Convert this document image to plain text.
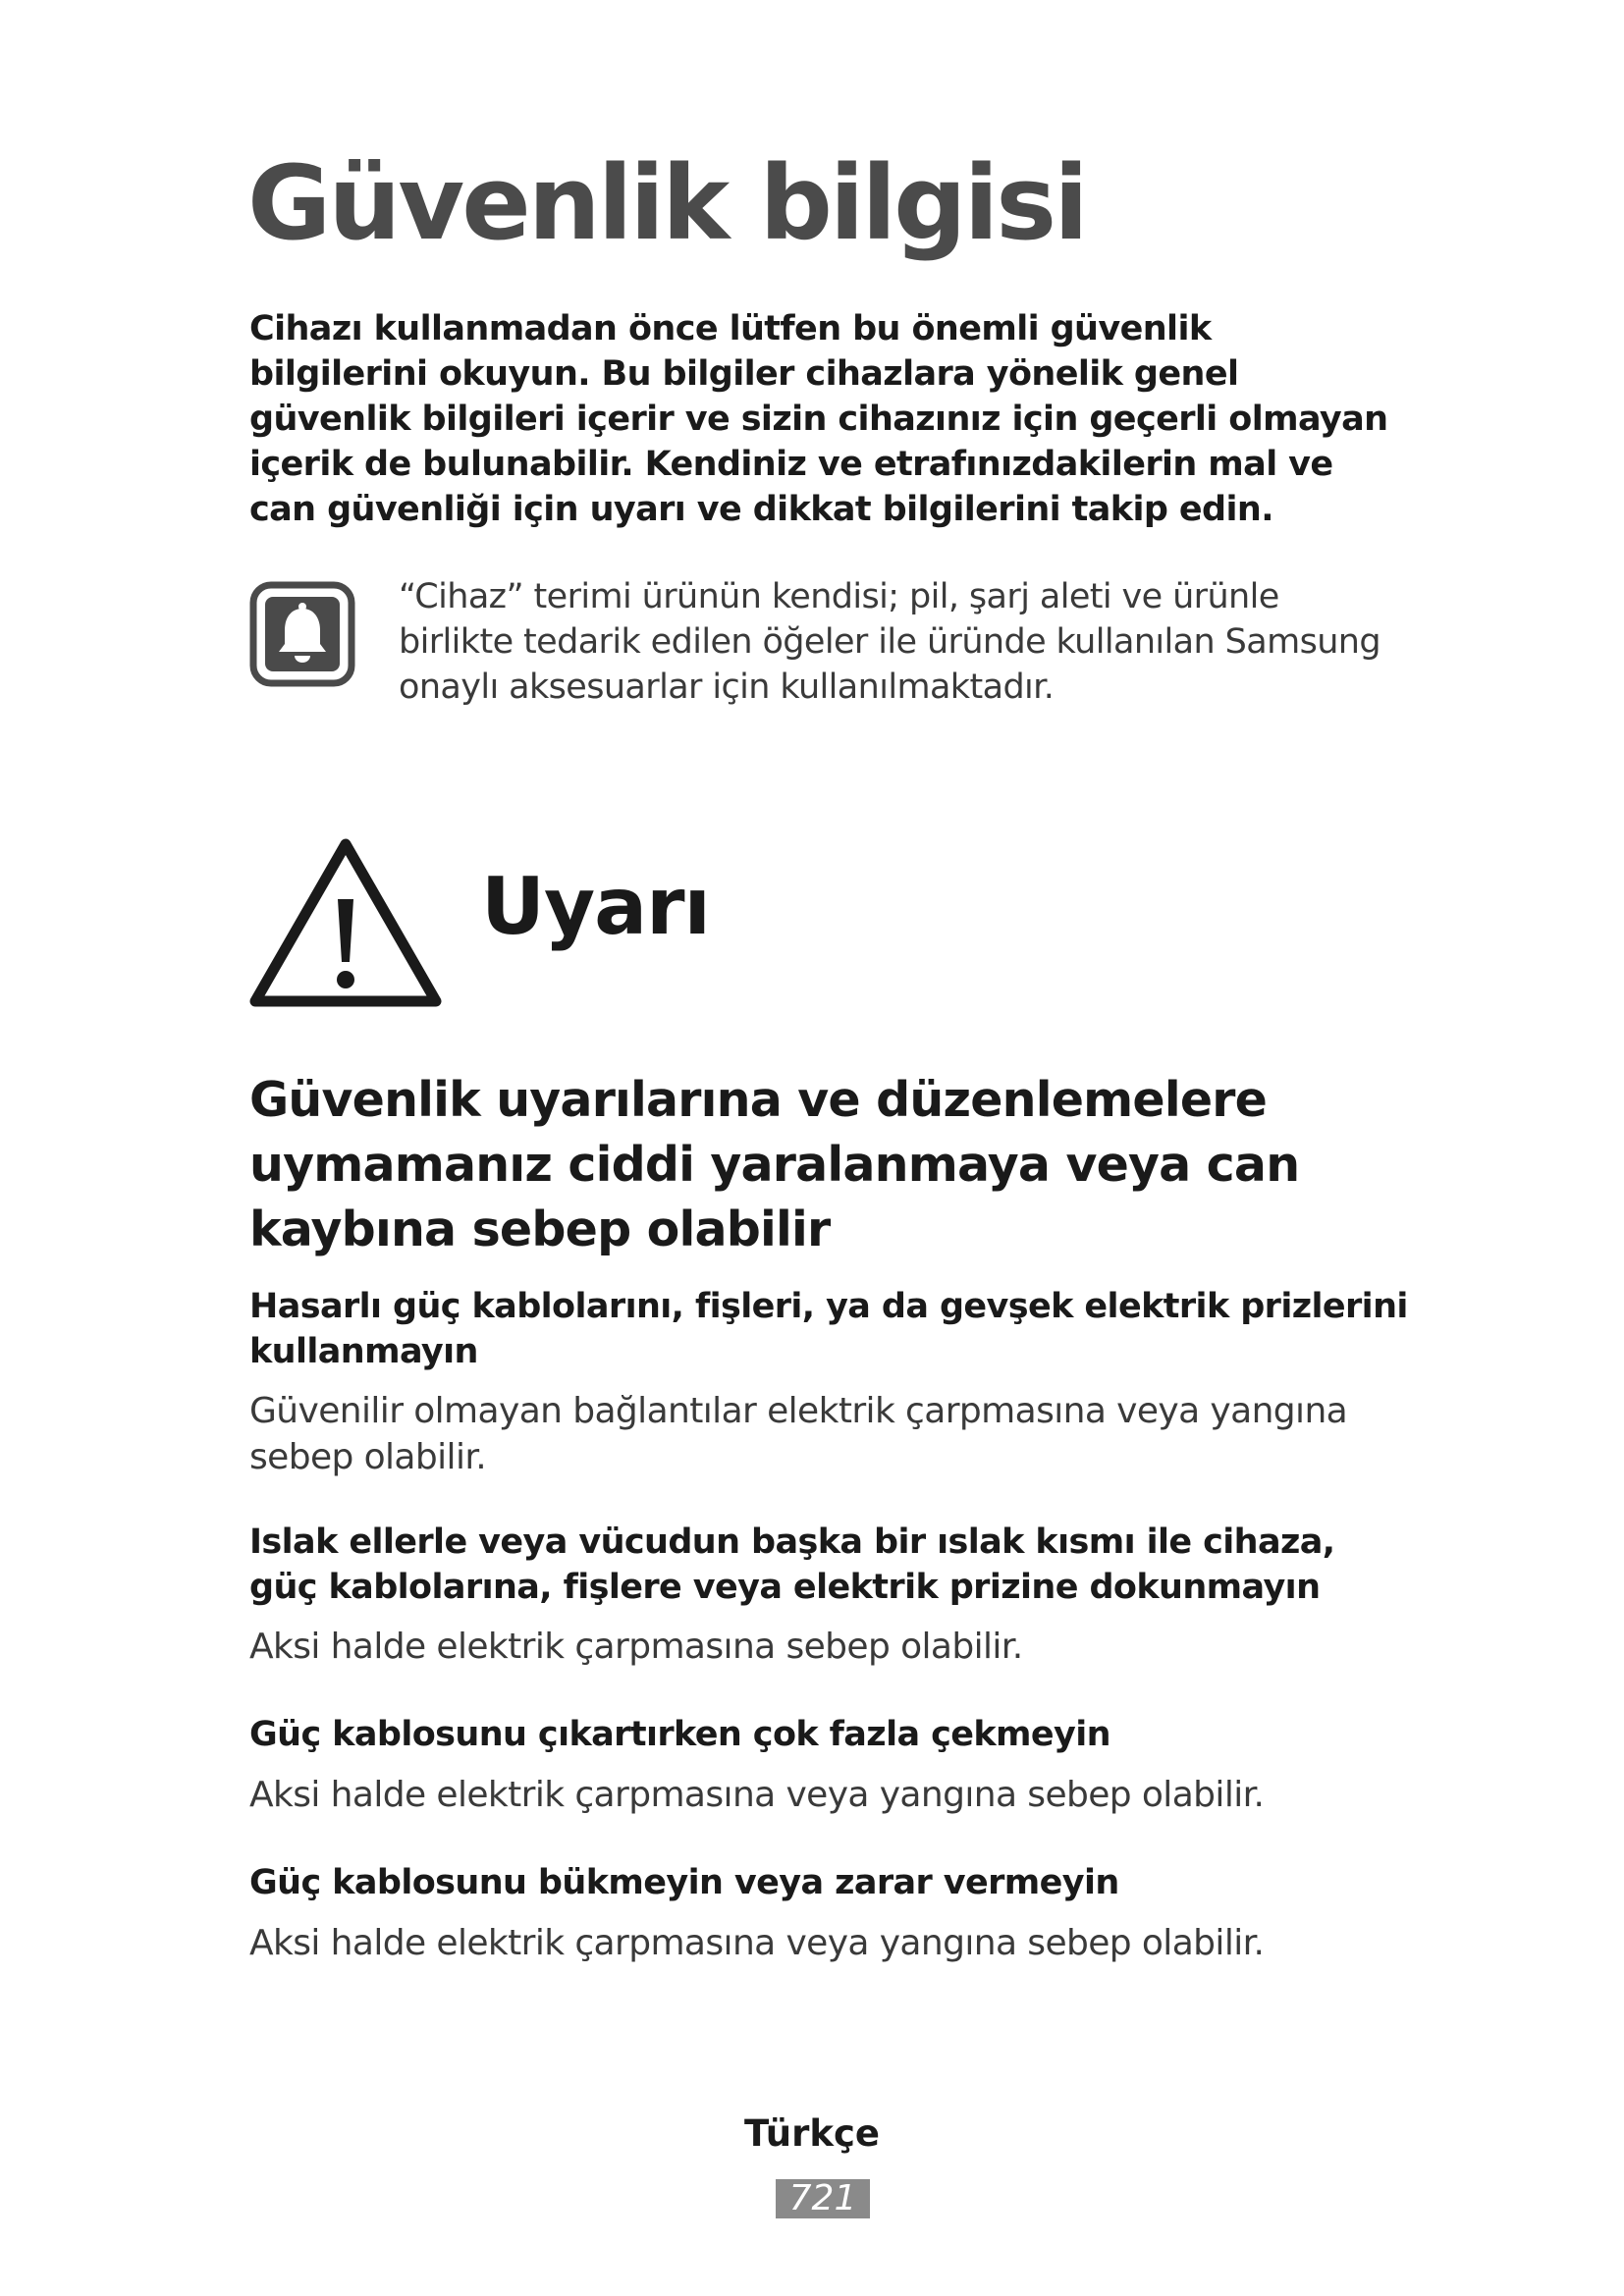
Güvenlik bilgisi
Cihazı kullanmadan önce lütfen bu önemli güvenlik bilgilerini okuyun. Bu bilgiler cihazlara yönelik genel güvenlik bilgileri içerir ve sizin cihazınız için geçerli olmayan içerik de bulunabilir. Kendiniz ve etrafınızdakilerin mal ve can güvenliği için uyarı ve dikkat bilgilerini takip edin.
“Cihaz” terimi ürünün kendisi; pil, şarj aleti ve ürünle birlikte tedarik edilen öğeler ile üründe kullanılan Samsung onaylı aksesuarlar için kullanılmaktadır.
Uyarı
Güvenlik uyarılarına ve düzenlemelere uymamanız ciddi yaralanmaya veya can kaybına sebep olabilir
Hasarlı güç kablolarını, fişleri, ya da gevşek elektrik prizlerini kullanmayın
Güvenilir olmayan bağlantılar elektrik çarpmasına veya yangına sebep olabilir.
Islak ellerle veya vücudun başka bir ıslak kısmı ile cihaza, güç kablolarına, fişlere veya elektrik prizine dokunmayın
Aksi halde elektrik çarpmasına sebep olabilir.
Güç kablosunu çıkartırken çok fazla çekmeyin
Aksi halde elektrik çarpmasına veya yangına sebep olabilir.
Güç kablosunu bükmeyin veya zarar vermeyin
Aksi halde elektrik çarpmasına veya yangına sebep olabilir.
Türkçe
721
